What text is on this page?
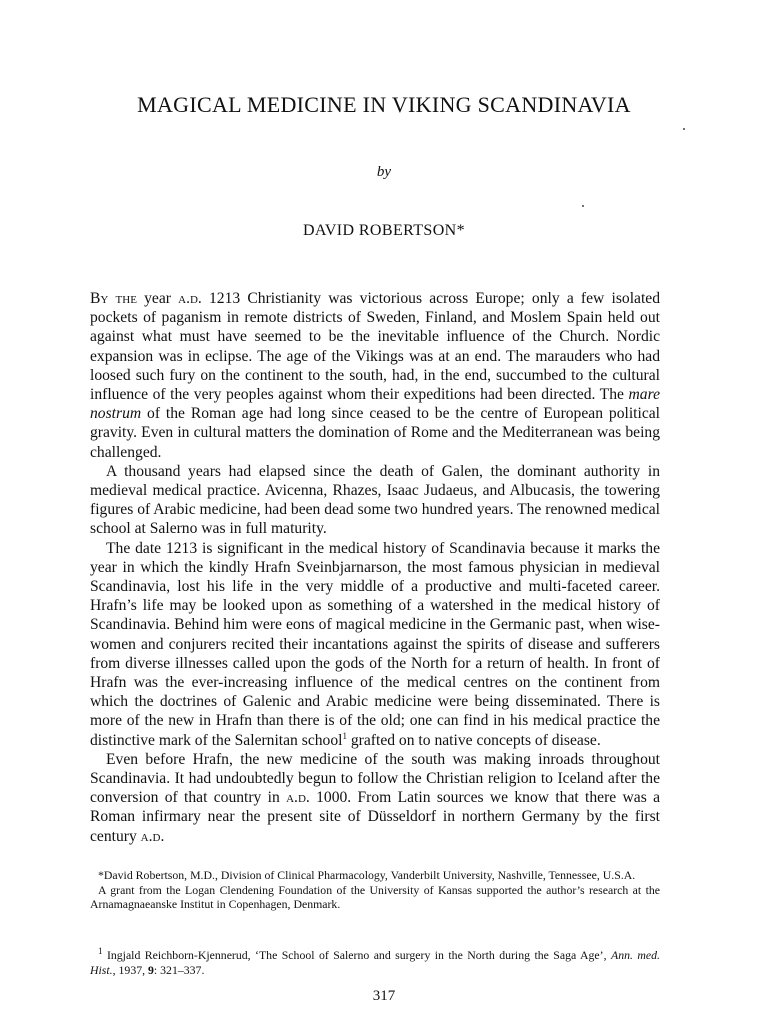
MAGICAL MEDICINE IN VIKING SCANDINAVIA
by
DAVID ROBERTSON*

By the year a.d. 1213 Christianity was victorious across Europe; only a few isolated pockets of paganism in remote districts of Sweden, Finland, and Moslem Spain held out against what must have seemed to be the inevitable influence of the Church. Nordic expansion was in eclipse. The age of the Vikings was at an end. The marauders who had loosed such fury on the continent to the south, had, in the end, succumbed to the cultural influence of the very peoples against whom their expeditions had been directed. The mare nostrum of the Roman age had long since ceased to be the centre of European political gravity. Even in cultural matters the domination of Rome and the Mediterranean was being challenged.

A thousand years had elapsed since the death of Galen, the dominant authority in medieval medical practice. Avicenna, Rhazes, Isaac Judaeus, and Albucasis, the towering figures of Arabic medicine, had been dead some two hundred years. The renowned medical school at Salerno was in full maturity.

The date 1213 is significant in the medical history of Scandinavia because it marks the year in which the kindly Hrafn Sveinbjarnarson, the most famous physician in medieval Scandinavia, lost his life in the very middle of a productive and multi-faceted career. Hrafn’s life may be looked upon as something of a watershed in the medical history of Scandinavia. Behind him were eons of magical medicine in the Germanic past, when wise-women and conjurers recited their incantations against the spirits of disease and sufferers from diverse illnesses called upon the gods of the North for a return of health. In front of Hrafn was the ever-increasing influence of the medical centres on the continent from which the doctrines of Galenic and Arabic medicine were being disseminated. There is more of the new in Hrafn than there is of the old; one can find in his medical practice the distinctive mark of the Salernitan school$^1$ grafted on to native concepts of disease.

Even before Hrafn, the new medicine of the south was making inroads throughout Scandinavia. It had undoubtedly begun to follow the Christian religion to Iceland after the conversion of that country in a.d. 1000. From Latin sources we know that there was a Roman infirmary near the present site of Düsseldorf in northern Germany by the first century a.d.

*David Robertson, M.D., Division of Clinical Pharmacology, Vanderbilt University, Nashville, Tennessee, U.S.A.

A grant from the Logan Clendening Foundation of the University of Kansas supported the author’s research at the Arnamagnaeanske Institut in Copenhagen, Denmark.

$^1$ Ingjald Reichborn-Kjennerud, ‘The School of Salerno and surgery in the North during the Saga Age’, Ann. med. Hist., 1937, 9: 321–337.

317
